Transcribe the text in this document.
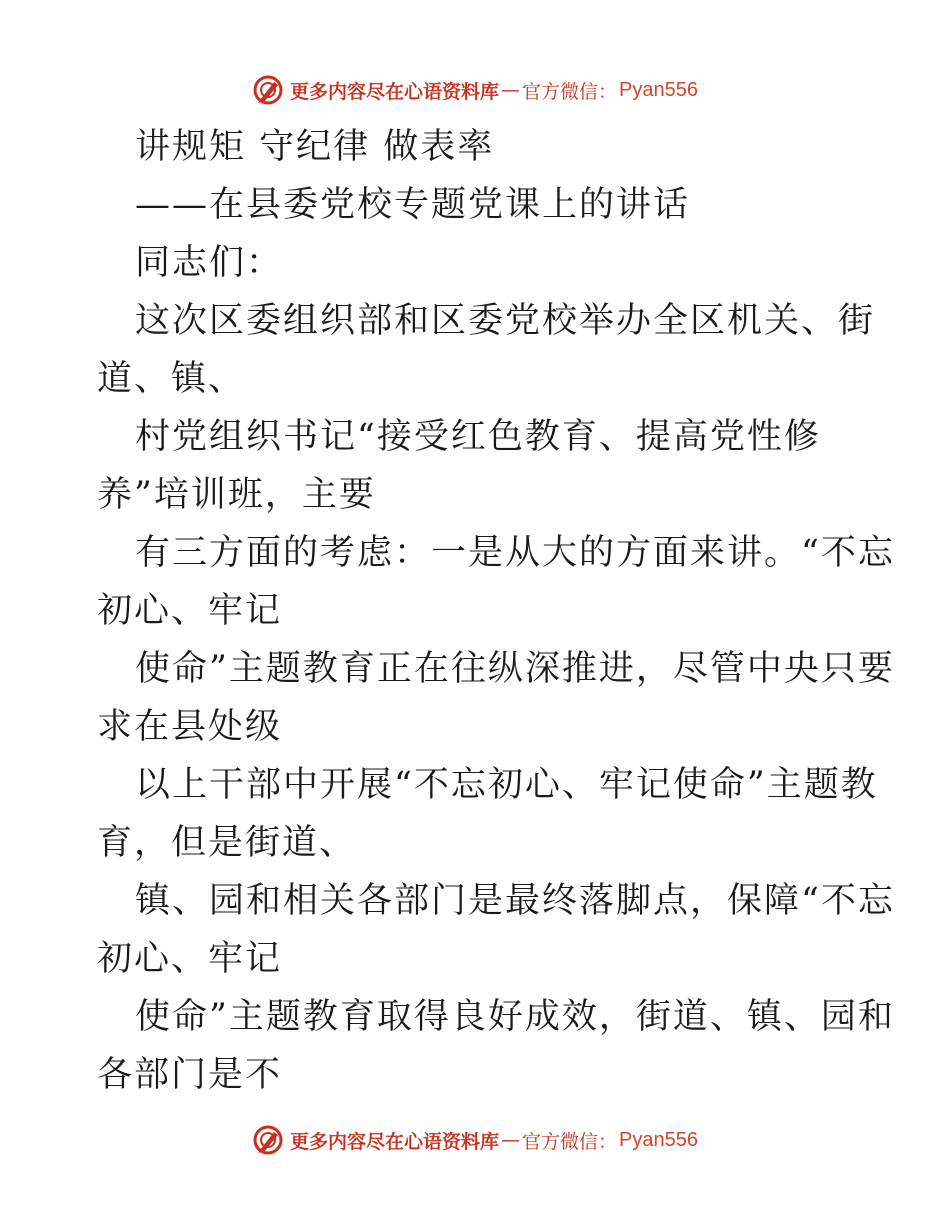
更多内容尽在心语资料库 — 官方微信： Pyan556
讲规矩 守纪律 做表率
——在县委党校专题党课上的讲话
同志们：
这次区委组织部和区委党校举办全区机关、街
道、镇、
村党组织书记“接受红色教育、提高党性修
养”培训班，主要
有三方面的考虑：一是从大的方面来讲。“不忘
初心、牢记
使命”主题教育正在往纵深推进，尽管中央只要
求在县处级
以上干部中开展“不忘初心、牢记使命”主题教
育，但是街道、
镇、园和相关各部门是最终落脚点，保障“不忘
初心、牢记
使命”主题教育取得良好成效，街道、镇、园和
各部门是不
更多内容尽在心语资料库 — 官方微信： Pyan556
